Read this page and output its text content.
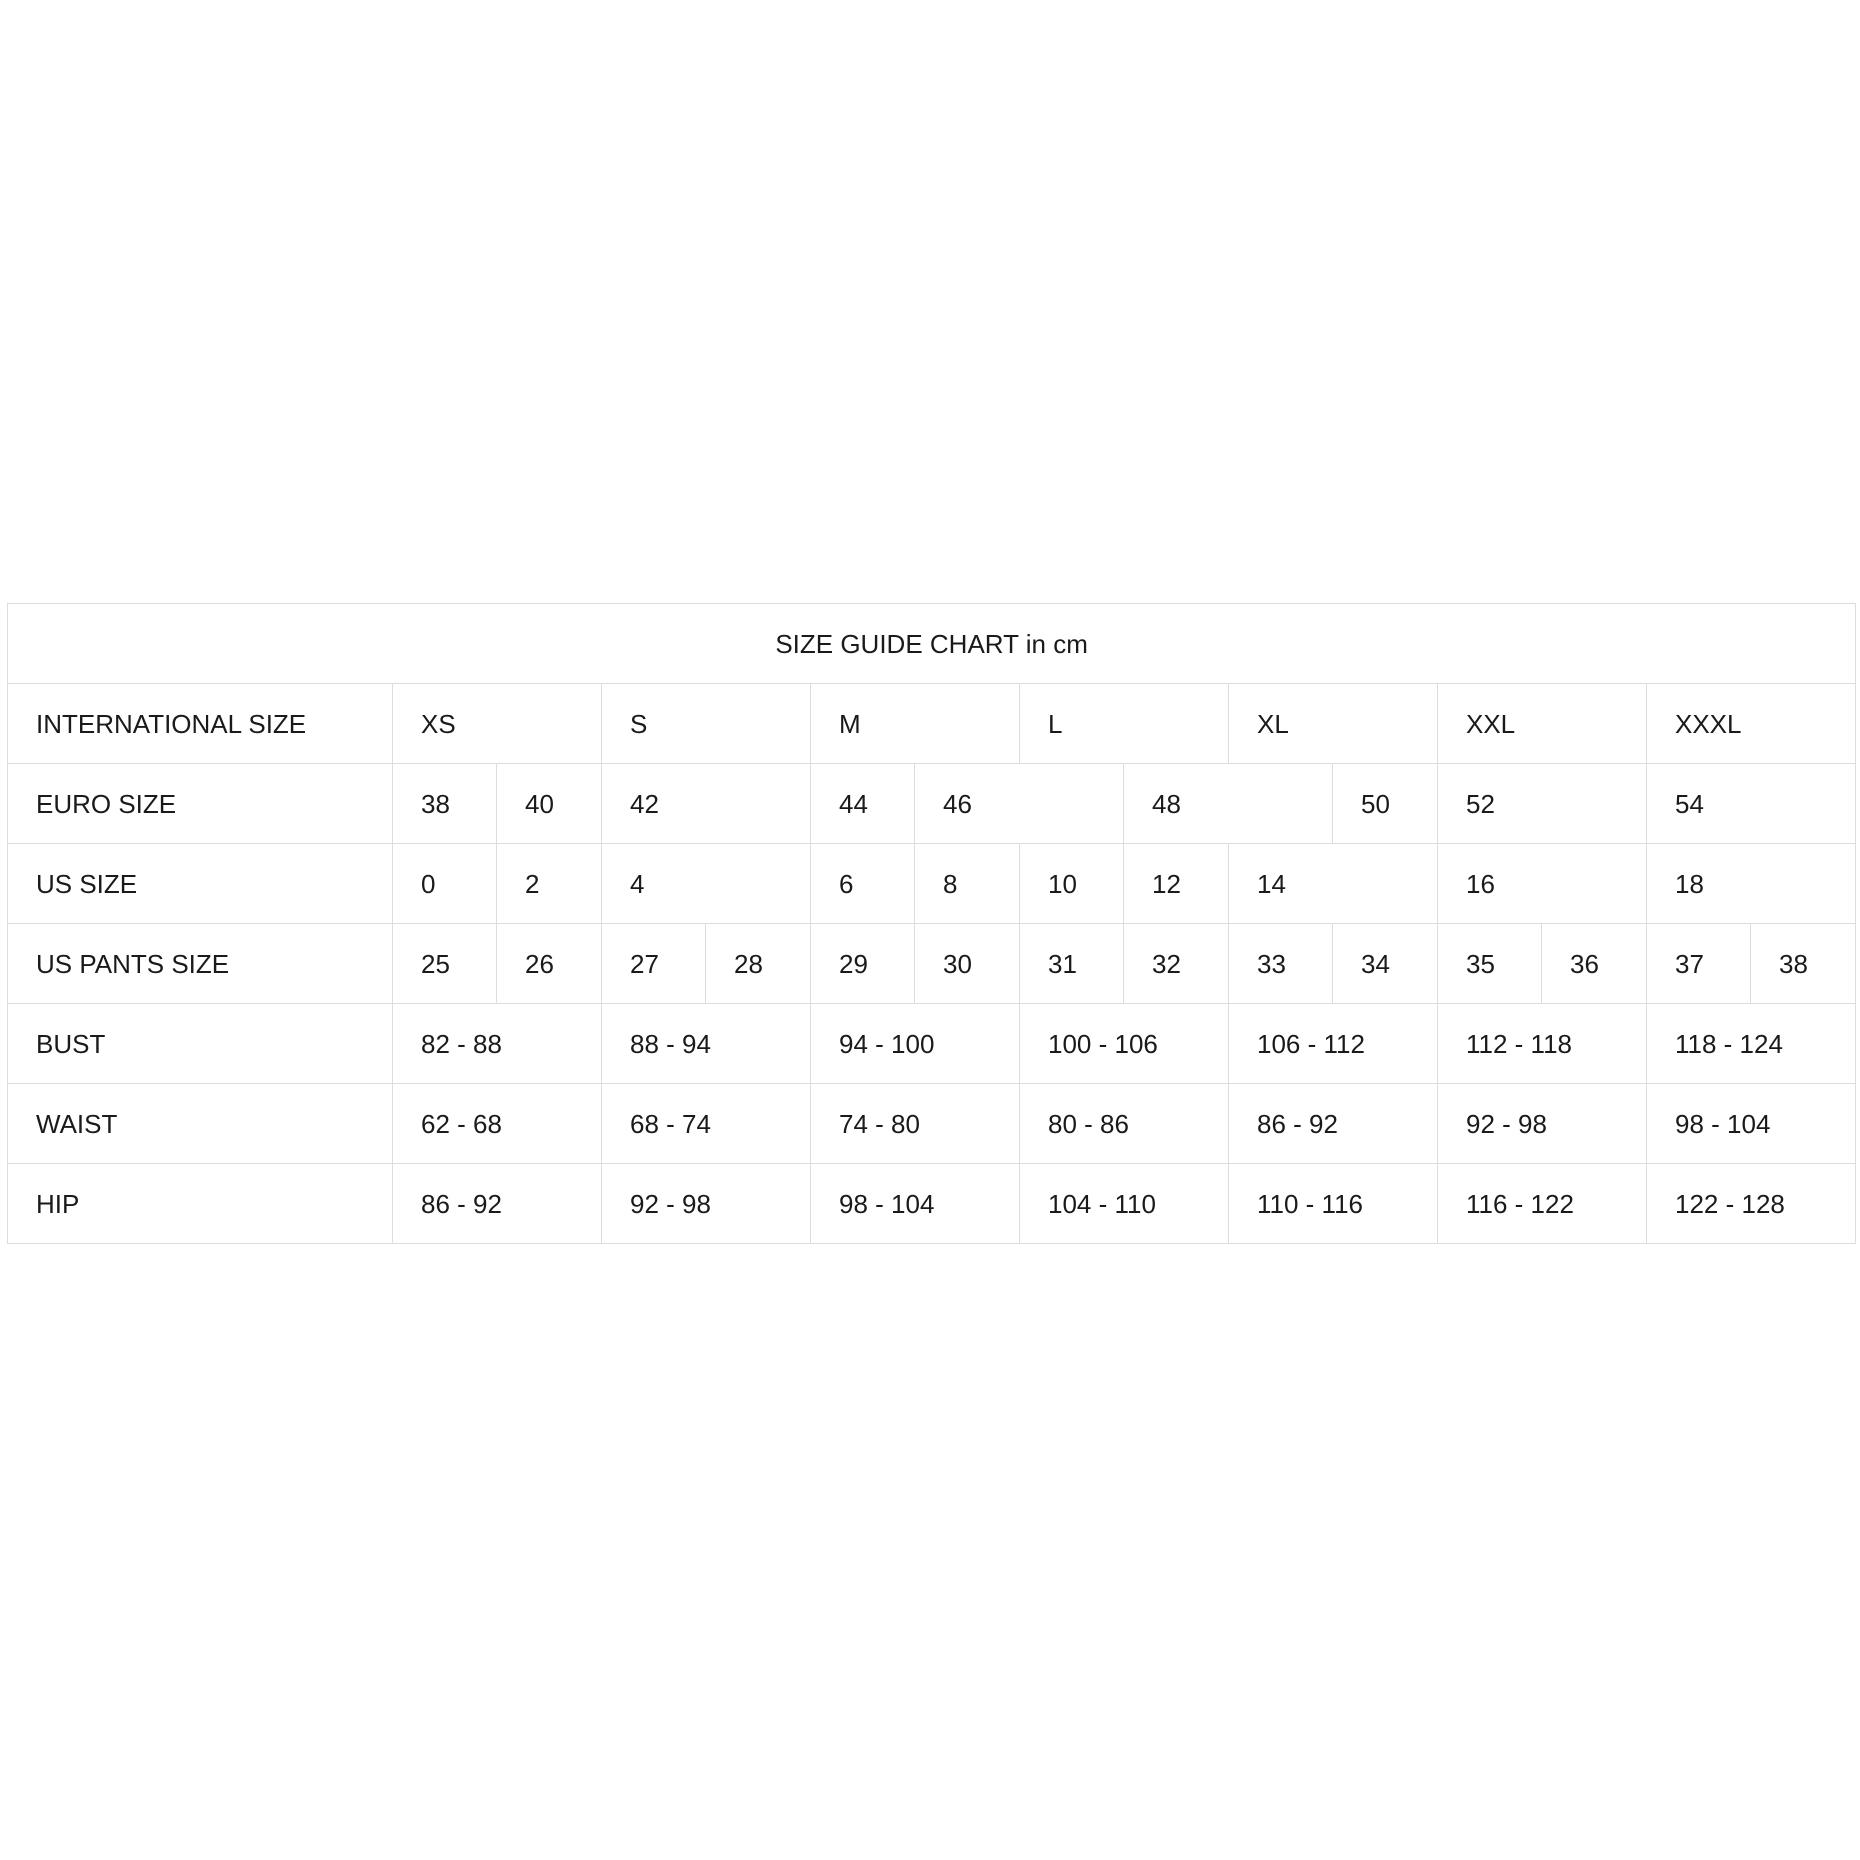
SIZE GUIDE CHART in cm														
INTERNATIONAL SIZE	XS		S		M		L		XL		XXL		XXXL	
EURO SIZE	38	40	42		44	46		48		50	52		54	
US SIZE	0	2	4		6	8	10	12	14		16		18	
US PANTS SIZE	25	26	27	28	29	30	31	32	33	34	35	36	37	38
BUST	82 - 88		88 - 94		94 - 100		100 - 106		106 - 112		112 - 118		118 - 124	
WAIST	62 - 68		68 - 74		74 - 80		80 - 86		86 - 92		92 - 98		98 - 104	
HIP	86 - 92		92 - 98		98 - 104		104 - 110		110 - 116		116 - 122		122 - 128	
